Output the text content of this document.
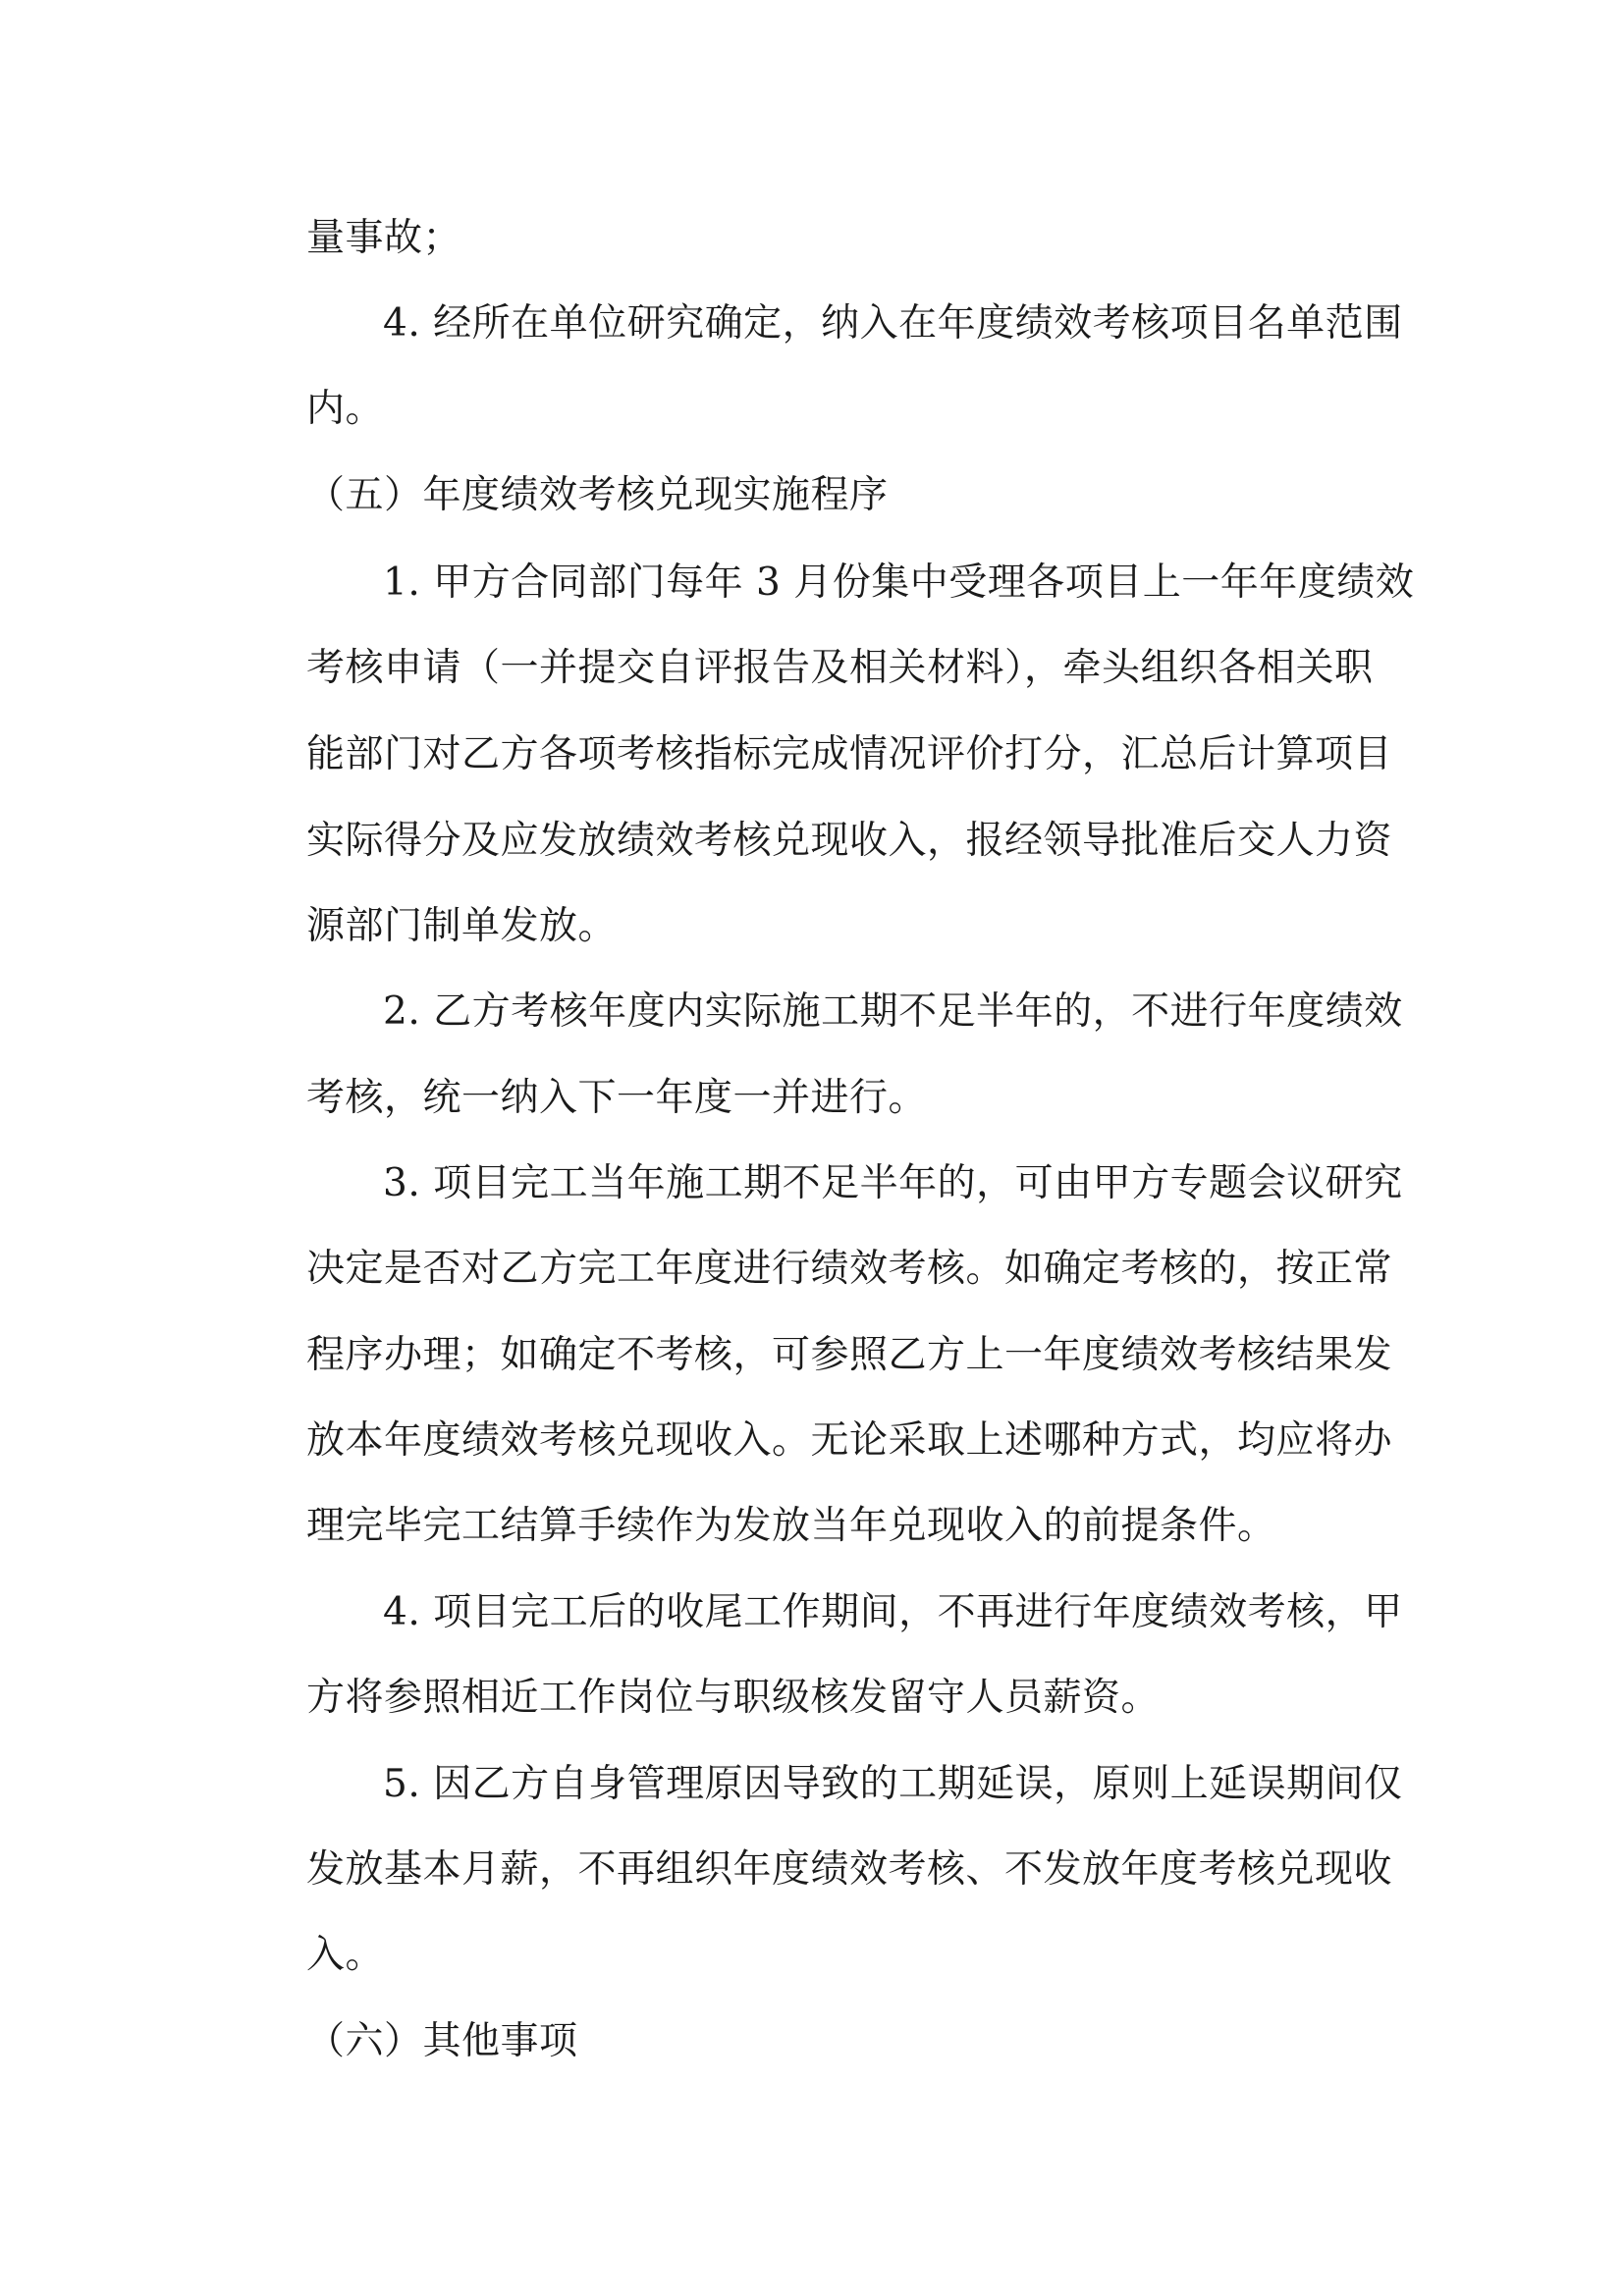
量事故；
4. 经所在单位研究确定，纳入在年度绩效考核项目名单范围
内。
（五）年度绩效考核兑现实施程序
1. 甲方合同部门每年 3 月份集中受理各项目上一年年度绩效
考核申请（一并提交自评报告及相关材料），牵头组织各相关职
能部门对乙方各项考核指标完成情况评价打分，汇总后计算项目
实际得分及应发放绩效考核兑现收入，报经领导批准后交人力资
源部门制单发放。
2. 乙方考核年度内实际施工期不足半年的，不进行年度绩效
考核，统一纳入下一年度一并进行。
3. 项目完工当年施工期不足半年的，可由甲方专题会议研究
决定是否对乙方完工年度进行绩效考核。如确定考核的，按正常
程序办理；如确定不考核，可参照乙方上一年度绩效考核结果发
放本年度绩效考核兑现收入。无论采取上述哪种方式，均应将办
理完毕完工结算手续作为发放当年兑现收入的前提条件。
4. 项目完工后的收尾工作期间，不再进行年度绩效考核，甲
方将参照相近工作岗位与职级核发留守人员薪资。
5. 因乙方自身管理原因导致的工期延误，原则上延误期间仅
发放基本月薪，不再组织年度绩效考核、不发放年度考核兑现收
入。
（六）其他事项
